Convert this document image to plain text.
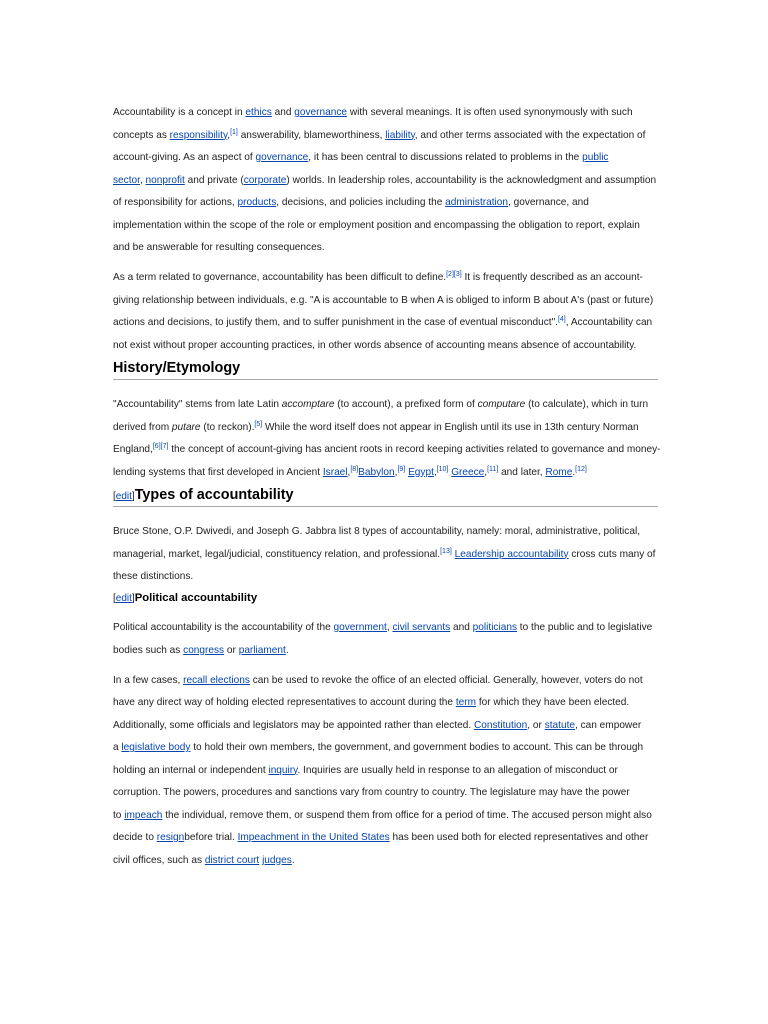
Accountability is a concept in ethics and governance with several meanings. It is often used synonymously with such
concepts as responsibility,[1] answerability, blameworthiness, liability, and other terms associated with the expectation of
account-giving. As an aspect of governance, it has been central to discussions related to problems in the public
sector, nonprofit and private (corporate) worlds. In leadership roles, accountability is the acknowledgment and assumption
of responsibility for actions, products, decisions, and policies including the administration, governance, and
implementation within the scope of the role or employment position and encompassing the obligation to report, explain
and be answerable for resulting consequences.
As a term related to governance, accountability has been difficult to define.[2][3] It is frequently described as an account-
giving relationship between individuals, e.g. "A is accountable to B when A is obliged to inform B about A's (past or future)
actions and decisions, to justify them, and to suffer punishment in the case of eventual misconduct".[4], Accountability can
not exist without proper accounting practices, in other words absence of accounting means absence of accountability.
History/Etymology
"Accountability" stems from late Latin accomptare (to account), a prefixed form of computare (to calculate), which in turn
derived from putare (to reckon).[5] While the word itself does not appear in English until its use in 13th century Norman
England,[6][7] the concept of account-giving has ancient roots in record keeping activities related to governance and money-
lending systems that first developed in Ancient Israel,[8]Babylon,[9] Egypt,[10] Greece,[11] and later, Rome.[12]
[edit]Types of accountability
Bruce Stone, O.P. Dwivedi, and Joseph G. Jabbra list 8 types of accountability, namely: moral, administrative, political,
managerial, market, legal/judicial, constituency relation, and professional.[13] Leadership accountability cross cuts many of
these distinctions.
[edit]Political accountability
Political accountability is the accountability of the government, civil servants and politicians to the public and to legislative
bodies such as congress or parliament.
In a few cases, recall elections can be used to revoke the office of an elected official. Generally, however, voters do not
have any direct way of holding elected representatives to account during the term for which they have been elected.
Additionally, some officials and legislators may be appointed rather than elected. Constitution, or statute, can empower
a legislative body to hold their own members, the government, and government bodies to account. This can be through
holding an internal or independent inquiry. Inquiries are usually held in response to an allegation of misconduct or
corruption. The powers, procedures and sanctions vary from country to country. The legislature may have the power
to impeach the individual, remove them, or suspend them from office for a period of time. The accused person might also
decide to resignbefore trial. Impeachment in the United States has been used both for elected representatives and other
civil offices, such as district court judges.
